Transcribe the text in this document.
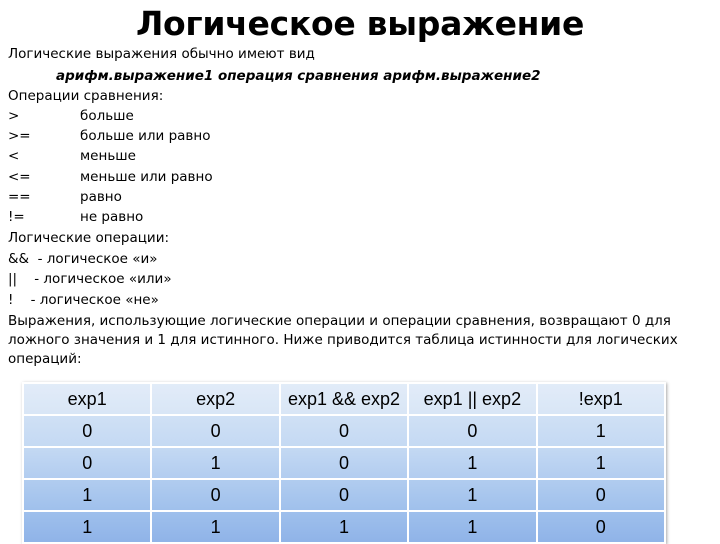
Логическое выражение
Логические выражения обычно имеют вид
арифм.выражение1 операция сравнения арифм.выражение2
Операции сравнения:
>	больше
>=	больше или равно
<	меньше
<=	меньше или равно
==	равно
!=	не равно
Логические операции:
&&  - логическое «и»
||    - логическое «или»
!    - логическое «не»
Выражения, использующие логические операции и операции сравнения, возвращают 0 для ложного значения и 1 для истинного. Ниже приводится таблица истинности для логических операций:
exp1	exp2	exp1 && exp2	exp1 || exp2	!exp1
0	0	0	0	1
0	1	0	1	1
1	0	0	1	0
1	1	1	1	0
